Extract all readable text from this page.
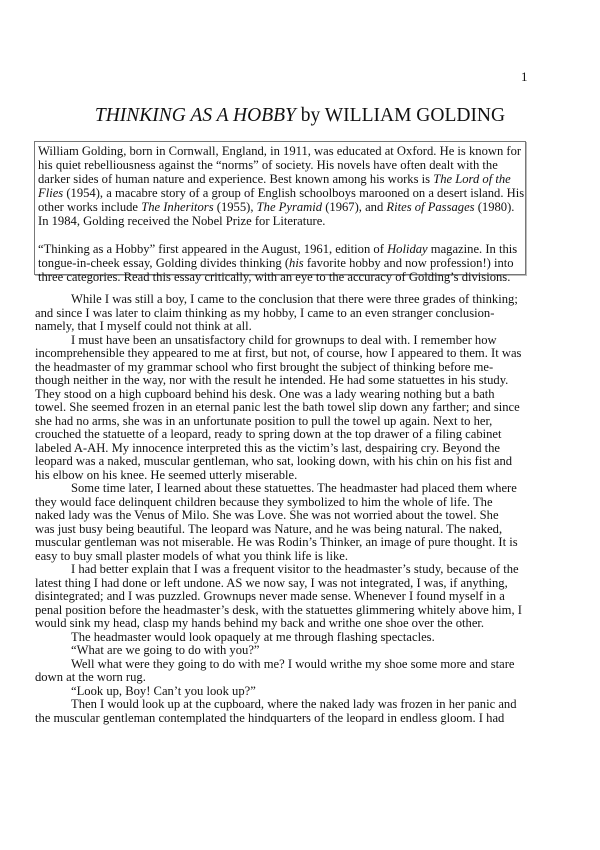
1
THINKING AS A HOBBY by WILLIAM GOLDING
William Golding, born in Cornwall, England, in 1911, was educated at Oxford. He is known for
his quiet rebelliousness against the “norms” of society. His novels have often dealt with the
darker sides of human nature and experience. Best known among his works is The Lord of the
Flies (1954), a macabre story of a group of English schoolboys marooned on a desert island. His
other works include The Inheritors (1955), The Pyramid (1967), and Rites of Passages (1980).
In 1984, Golding received the Nobel Prize for Literature.
“Thinking as a Hobby” first appeared in the August, 1961, edition of Holiday magazine. In this
tongue-in-cheek essay, Golding divides thinking (his favorite hobby and now profession!) into
three categories. Read this essay critically, with an eye to the accuracy of Golding’s divisions.
While I was still a boy, I came to the conclusion that there were three grades of thinking;
and since I was later to claim thinking as my hobby, I came to an even stranger conclusion-
namely, that I myself could not think at all.
I must have been an unsatisfactory child for grownups to deal with. I remember how
incomprehensible they appeared to me at first, but not, of course, how I appeared to them. It was
the headmaster of my grammar school who first brought the subject of thinking before me-
though neither in the way, nor with the result he intended. He had some statuettes in his study.
They stood on a high cupboard behind his desk. One was a lady wearing nothing but a bath
towel. She seemed frozen in an eternal panic lest the bath towel slip down any farther; and since
she had no arms, she was in an unfortunate position to pull the towel up again. Next to her,
crouched the statuette of a leopard, ready to spring down at the top drawer of a filing cabinet
labeled A-AH. My innocence interpreted this as the victim’s last, despairing cry. Beyond the
leopard was a naked, muscular gentleman, who sat, looking down, with his chin on his fist and
his elbow on his knee. He seemed utterly miserable.
Some time later, I learned about these statuettes. The headmaster had placed them where
they would face delinquent children because they symbolized to him the whole of life. The
naked lady was the Venus of Milo. She was Love. She was not worried about the towel. She
was just busy being beautiful. The leopard was Nature, and he was being natural. The naked,
muscular gentleman was not miserable. He was Rodin’s Thinker, an image of pure thought. It is
easy to buy small plaster models of what you think life is like.
I had better explain that I was a frequent visitor to the headmaster’s study, because of the
latest thing I had done or left undone. AS we now say, I was not integrated, I was, if anything,
disintegrated; and I was puzzled. Grownups never made sense. Whenever I found myself in a
penal position before the headmaster’s desk, with the statuettes glimmering whitely above him, I
would sink my head, clasp my hands behind my back and writhe one shoe over the other.
The headmaster would look opaquely at me through flashing spectacles.
“What are we going to do with you?”
Well what were they going to do with me? I would writhe my shoe some more and stare
down at the worn rug.
“Look up, Boy! Can’t you look up?”
Then I would look up at the cupboard, where the naked lady was frozen in her panic and
the muscular gentleman contemplated the hindquarters of the leopard in endless gloom. I had
